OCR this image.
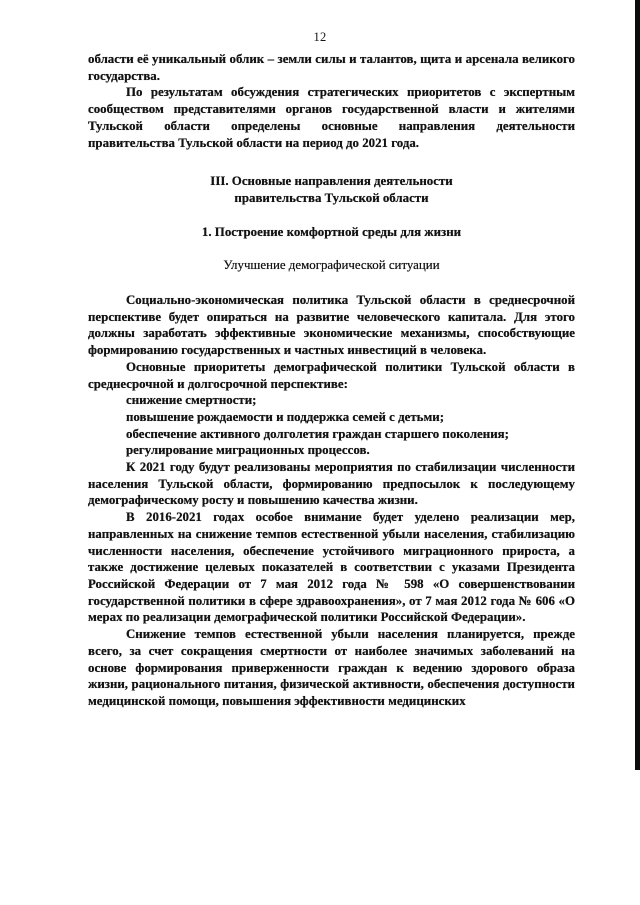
12

области её уникальный облик – земли силы и талантов, щита и арсенала великого государства.

По результатам обсуждения стратегических приоритетов с экспертным сообществом представителями органов государственной власти и жителями Тульской области определены основные направления деятельности правительства Тульской области на период до 2021 года.

III. Основные направления деятельности
правительства Тульской области

1. Построение комфортной среды для жизни

Улучшение демографической ситуации

Социально-экономическая политика Тульской области в среднесрочной перспективе будет опираться на развитие человеческого капитала. Для этого должны заработать эффективные экономические механизмы, способствующие формированию государственных и частных инвестиций в человека.

Основные приоритеты демографической политики Тульской области в среднесрочной и долгосрочной перспективе:

снижение смертности;

повышение рождаемости и поддержка семей с детьми;

обеспечение активного долголетия граждан старшего поколения;

регулирование миграционных процессов.

К 2021 году будут реализованы мероприятия по стабилизации численности населения Тульской области, формированию предпосылок к последующему демографическому росту и повышению качества жизни.

В 2016-2021 годах особое внимание будет уделено реализации мер, направленных на снижение темпов естественной убыли населения, стабилизацию численности населения, обеспечение устойчивого миграционного прироста, а также достижение целевых показателей в соответствии с указами Президента Российской Федерации от 7 мая 2012 года № 598 «О совершенствовании государственной политики в сфере здравоохранения», от 7 мая 2012 года № 606 «О мерах по реализации демографической политики Российской Федерации».

Снижение темпов естественной убыли населения планируется, прежде всего, за счет сокращения смертности от наиболее значимых заболеваний на основе формирования приверженности граждан к ведению здорового образа жизни, рационального питания, физической активности, обеспечения доступности медицинской помощи, повышения эффективности медицинских
